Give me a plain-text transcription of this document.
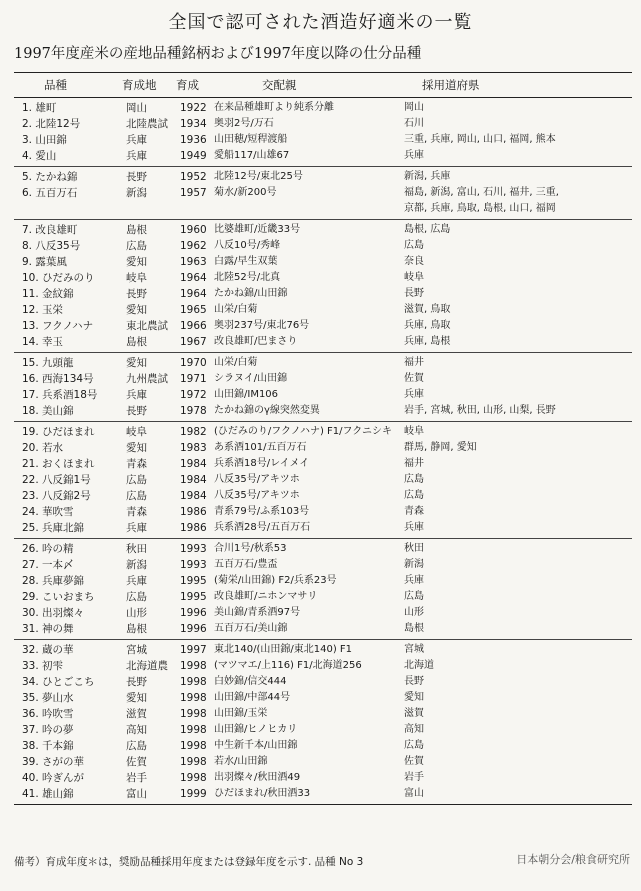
全国で認可された酒造好適米の一覧
1997年度産米の産地品種銘柄および1997年度以降の仕分品種
品種	育成地 育成	交配親	採用道府県
1. 雄町	岡山	1922 在来品種雄町より純系分離	岡山
2. 北陸12号	北陸農試	1934 奥羽2号/万石	石川
3. 山田錦	兵庫	1936 山田穂/短稈渡船	三重, 兵庫, 岡山, 山口, 福岡, 熊本
4. 愛山	兵庫	1949 愛船117/山雄67	兵庫
5. たかね錦	長野	1952 北陸12号/東北25号	新潟, 兵庫
6. 五百万石	新潟	1957 菊水/新200号	福島, 新潟, 富山, 石川, 福井, 三重,
京都, 兵庫, 鳥取, 島根, 山口, 福岡
7. 改良雄町	島根	1960 比婆雄町/近畿33号	島根, 広島
8. 八反35号	広島	1962 八反10号/秀峰	広島
9. 露葉風	愛知	1963 白露/早生双葉	奈良
10. ひだみのり	岐阜	1964 北陸52号/北真	岐阜
11. 金紋錦	長野	1964 たかね錦/山田錦	長野
12. 玉栄	愛知	1965 山栄/白菊	滋賀, 鳥取
13. フクノハナ	東北農試	1966 奥羽237号/東北76号	兵庫, 鳥取
14. 幸玉	島根	1967 改良雄町/巴まさり	兵庫, 島根
15. 九頭龍	愛知	1970 山栄/白菊	福井
16. 西海134号	九州農試	1971 シラヌイ/山田錦	佐賀
17. 兵系酒18号	兵庫	1972 山田錦/IM106	兵庫
18. 美山錦	長野	1978 たかね錦のγ線突然変異	岩手, 宮城, 秋田, 山形, 山梨, 長野
19. ひだほまれ	岐阜	1982 (ひだみのり/フクノハナ) F1/フクニシキ	岐阜
20. 若水	愛知	1983 あ系酒101/五百万石	群馬, 静岡, 愛知
21. おくほまれ	青森	1984 兵系酒18号/レイメイ	福井
22. 八反錦1号	広島	1984 八反35号/アキツホ	広島
23. 八反錦2号	広島	1984 八反35号/アキツホ	広島
24. 華吹雪	青森	1986 青系79号/ふ系103号	青森
25. 兵庫北錦	兵庫	1986 兵系酒28号/五百万石	兵庫
26. 吟の精	秋田	1993 合川1号/秋系53	秋田
27. 一本〆	新潟	1993 五百万石/豊盃	新潟
28. 兵庫夢錦	兵庫	1995 (菊栄/山田錦) F2/兵系23号	兵庫
29. こいおまち	広島	1995 改良雄町/ニホンマサリ	広島
30. 出羽燦々	山形	1996 美山錦/青系酒97号	山形
31. 神の舞	島根	1996 五百万石/美山錦	島根
32. 蔵の華	宮城	1997 東北140/(山田錦/東北140) F1	宮城
33. 初雫	北海道農	1998 (マツマエ/上116) F1/北海道256	北海道
34. ひとごこち	長野	1998 白妙錦/信交444	長野
35. 夢山水	愛知	1998 山田錦/中部44号	愛知
36. 吟吹雪	滋賀	1998 山田錦/玉栄	滋賀
37. 吟の夢	高知	1998 山田錦/ヒノヒカリ	高知
38. 千本錦	広島	1998 中生新千本/山田錦	広島
39. さがの華	佐賀	1998 若水/山田錦	佐賀
40. 吟ぎんが	岩手	1998 出羽燦々/秋田酒49	岩手
41. 雄山錦	富山	1999 ひだほまれ/秋田酒33	富山
備考）育成年度＊は，奨励品種採用年度または登録年度を示す. 品種 No 3	日本朝分会/粮食研究所
